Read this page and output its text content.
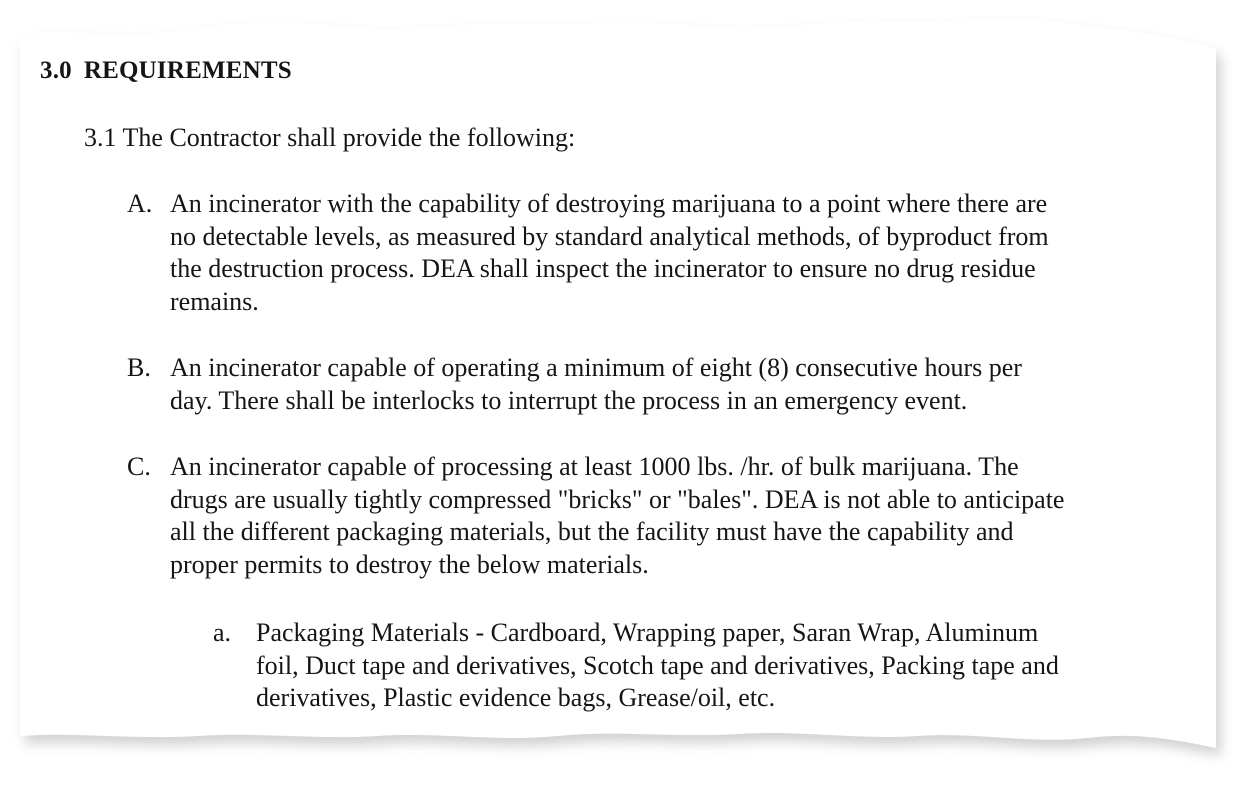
3.0 REQUIREMENTS
3.1 The Contractor shall provide the following:
A. An incinerator with the capability of destroying marijuana to a point where there are
no detectable levels, as measured by standard analytical methods, of byproduct from
the destruction process. DEA shall inspect the incinerator to ensure no drug residue
remains.
B. An incinerator capable of operating a minimum of eight (8) consecutive hours per
day. There shall be interlocks to interrupt the process in an emergency event.
C. An incinerator capable of processing at least 1000 lbs. /hr. of bulk marijuana. The
drugs are usually tightly compressed "bricks" or "bales". DEA is not able to anticipate
all the different packaging materials, but the facility must have the capability and
proper permits to destroy the below materials.
a. Packaging Materials - Cardboard, Wrapping paper, Saran Wrap, Aluminum
foil, Duct tape and derivatives, Scotch tape and derivatives, Packing tape and
derivatives, Plastic evidence bags, Grease/oil, etc.
